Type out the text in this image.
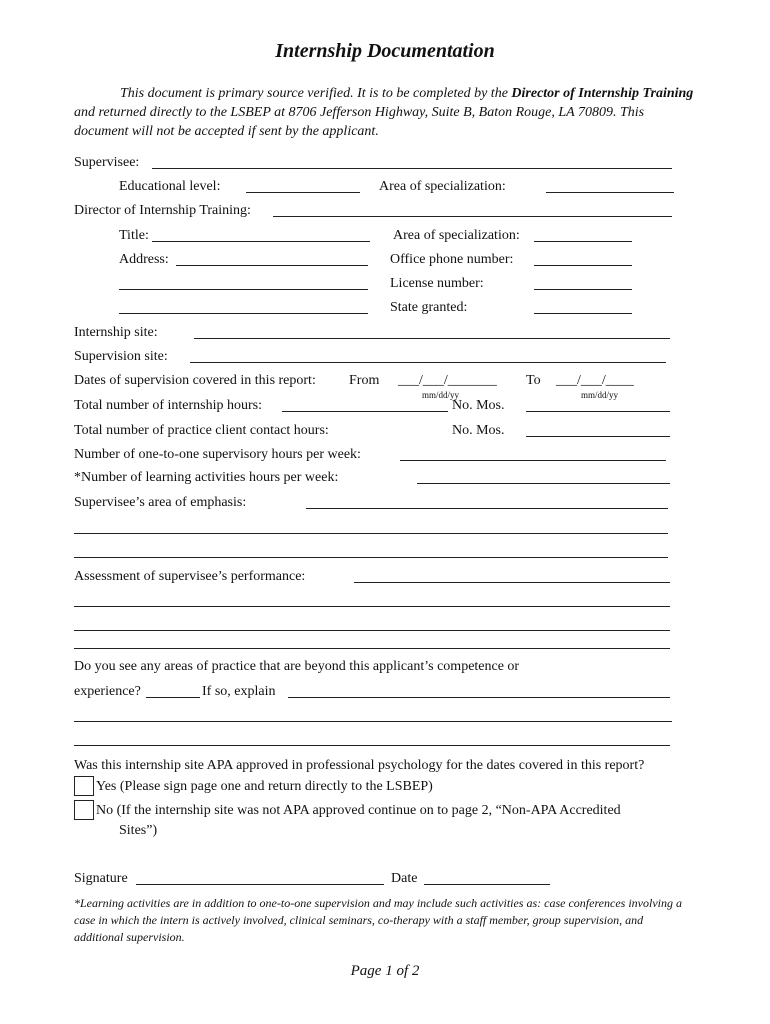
Internship Documentation
This document is primary source verified. It is to be completed by the Director of Internship Training and returned directly to the LSBEP at 8706 Jefferson Highway, Suite B, Baton Rouge, LA 70809. This document will not be accepted if sent by the applicant.
Supervisee:
Educational level:	Area of specialization:
Director of Internship Training:
Title:	Area of specialization:
Address:	Office phone number:
License number:
State granted:
Internship site:
Supervision site:
Dates of supervision covered in this report: From ___/___/_______
mm/dd/yy
To ___/___/____
mm/dd/yy
Total number of internship hours:	No. Mos.
Total number of practice client contact hours:	No. Mos.
Number of one-to-one supervisory hours per week:
*Number of learning activities hours per week:
Supervisee’s area of emphasis:
Assessment of supervisee’s performance:
Do you see any areas of practice that are beyond this applicant’s competence or
experience?	If so, explain
Was this internship site APA approved in professional psychology for the dates covered in this report?
Yes (Please sign page one and return directly to the LSBEP)
No (If the internship site was not APA approved continue on to page 2, “Non-APA Accredited
Sites”)
Signature	Date
*Learning activities are in addition to one-to-one supervision and may include such activities as: case conferences involving a case in which the intern is actively involved, clinical seminars, co-therapy with a staff member, group supervision, and additional supervision.
Page 1 of 2
